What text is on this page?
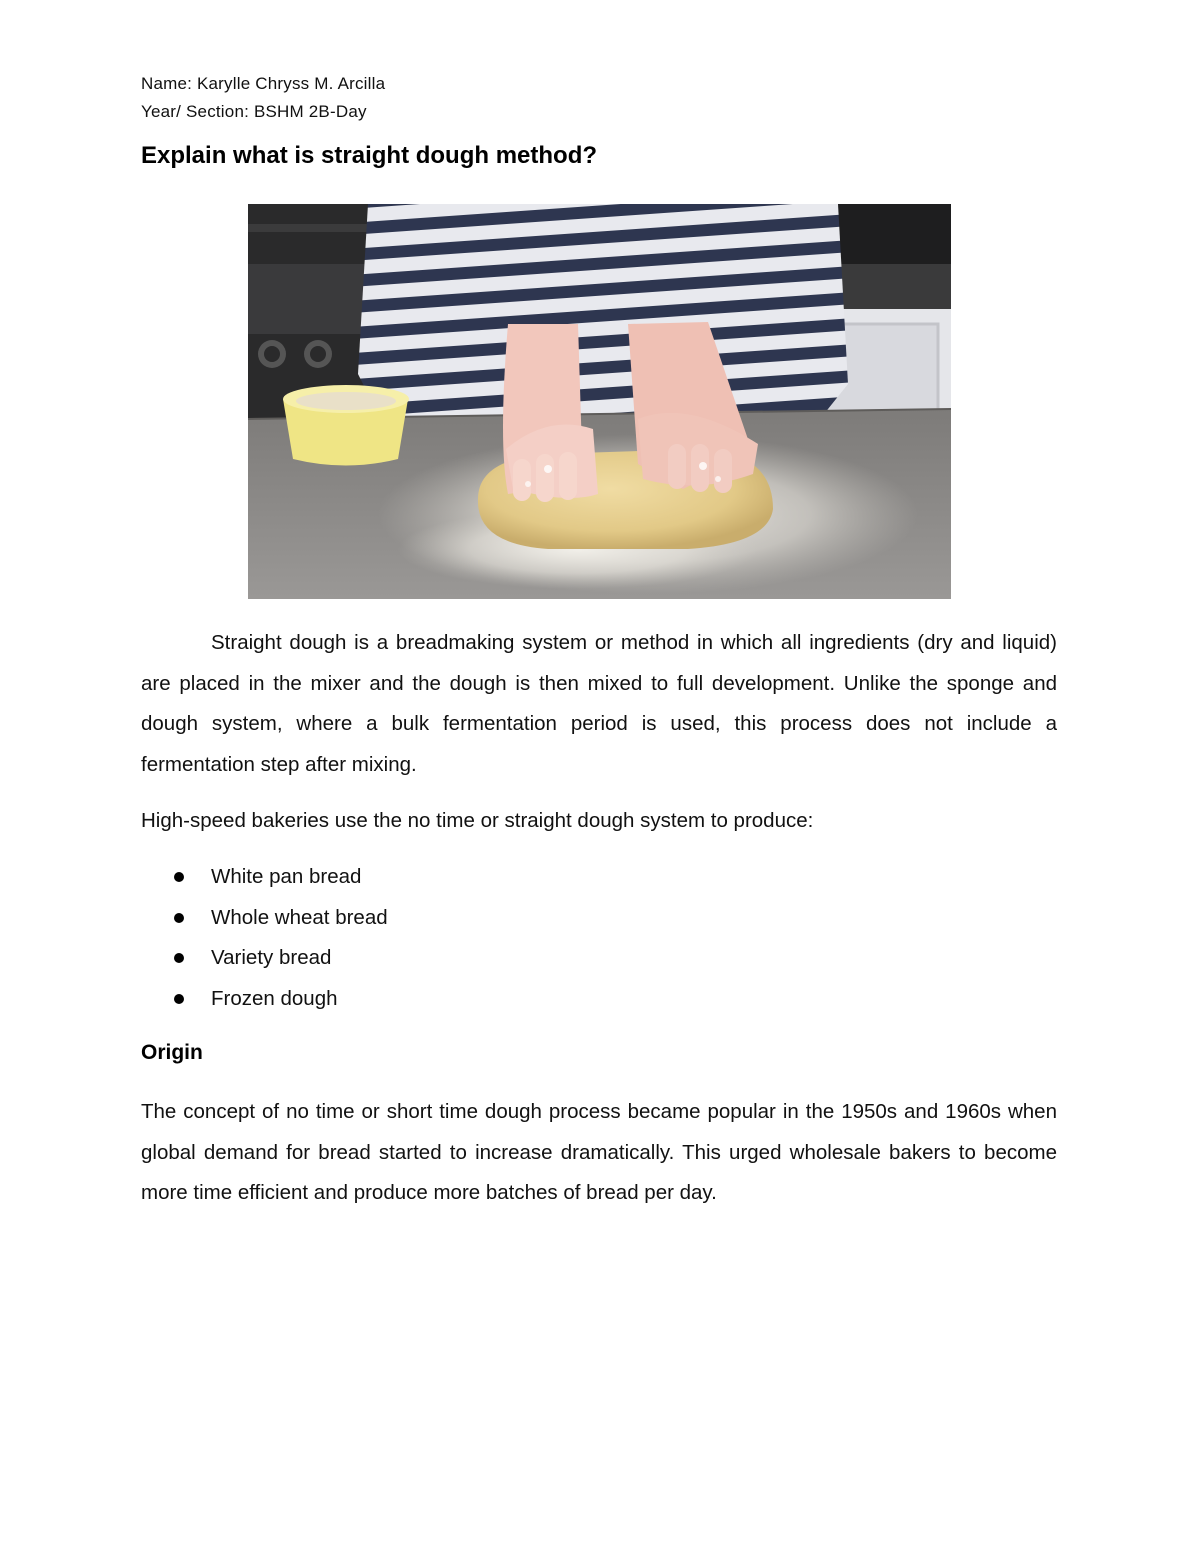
Name: Karylle Chryss M. Arcilla
Year/ Section: BSHM 2B-Day
Explain what is straight dough method?

Straight dough is a breadmaking system or method in which all ingredients (dry and liquid) are placed in the mixer and the dough is then mixed to full development. Unlike the sponge and dough system, where a bulk fermentation period is used, this process does not include a fermentation step after mixing.

High-speed bakeries use the no time or straight dough system to produce:

White pan bread
Whole wheat bread
Variety bread
Frozen dough
Origin

The concept of no time or short time dough process became popular in the 1950s and 1960s when global demand for bread started to increase dramatically. This urged wholesale bakers to become more time efficient and produce more batches of bread per day.
